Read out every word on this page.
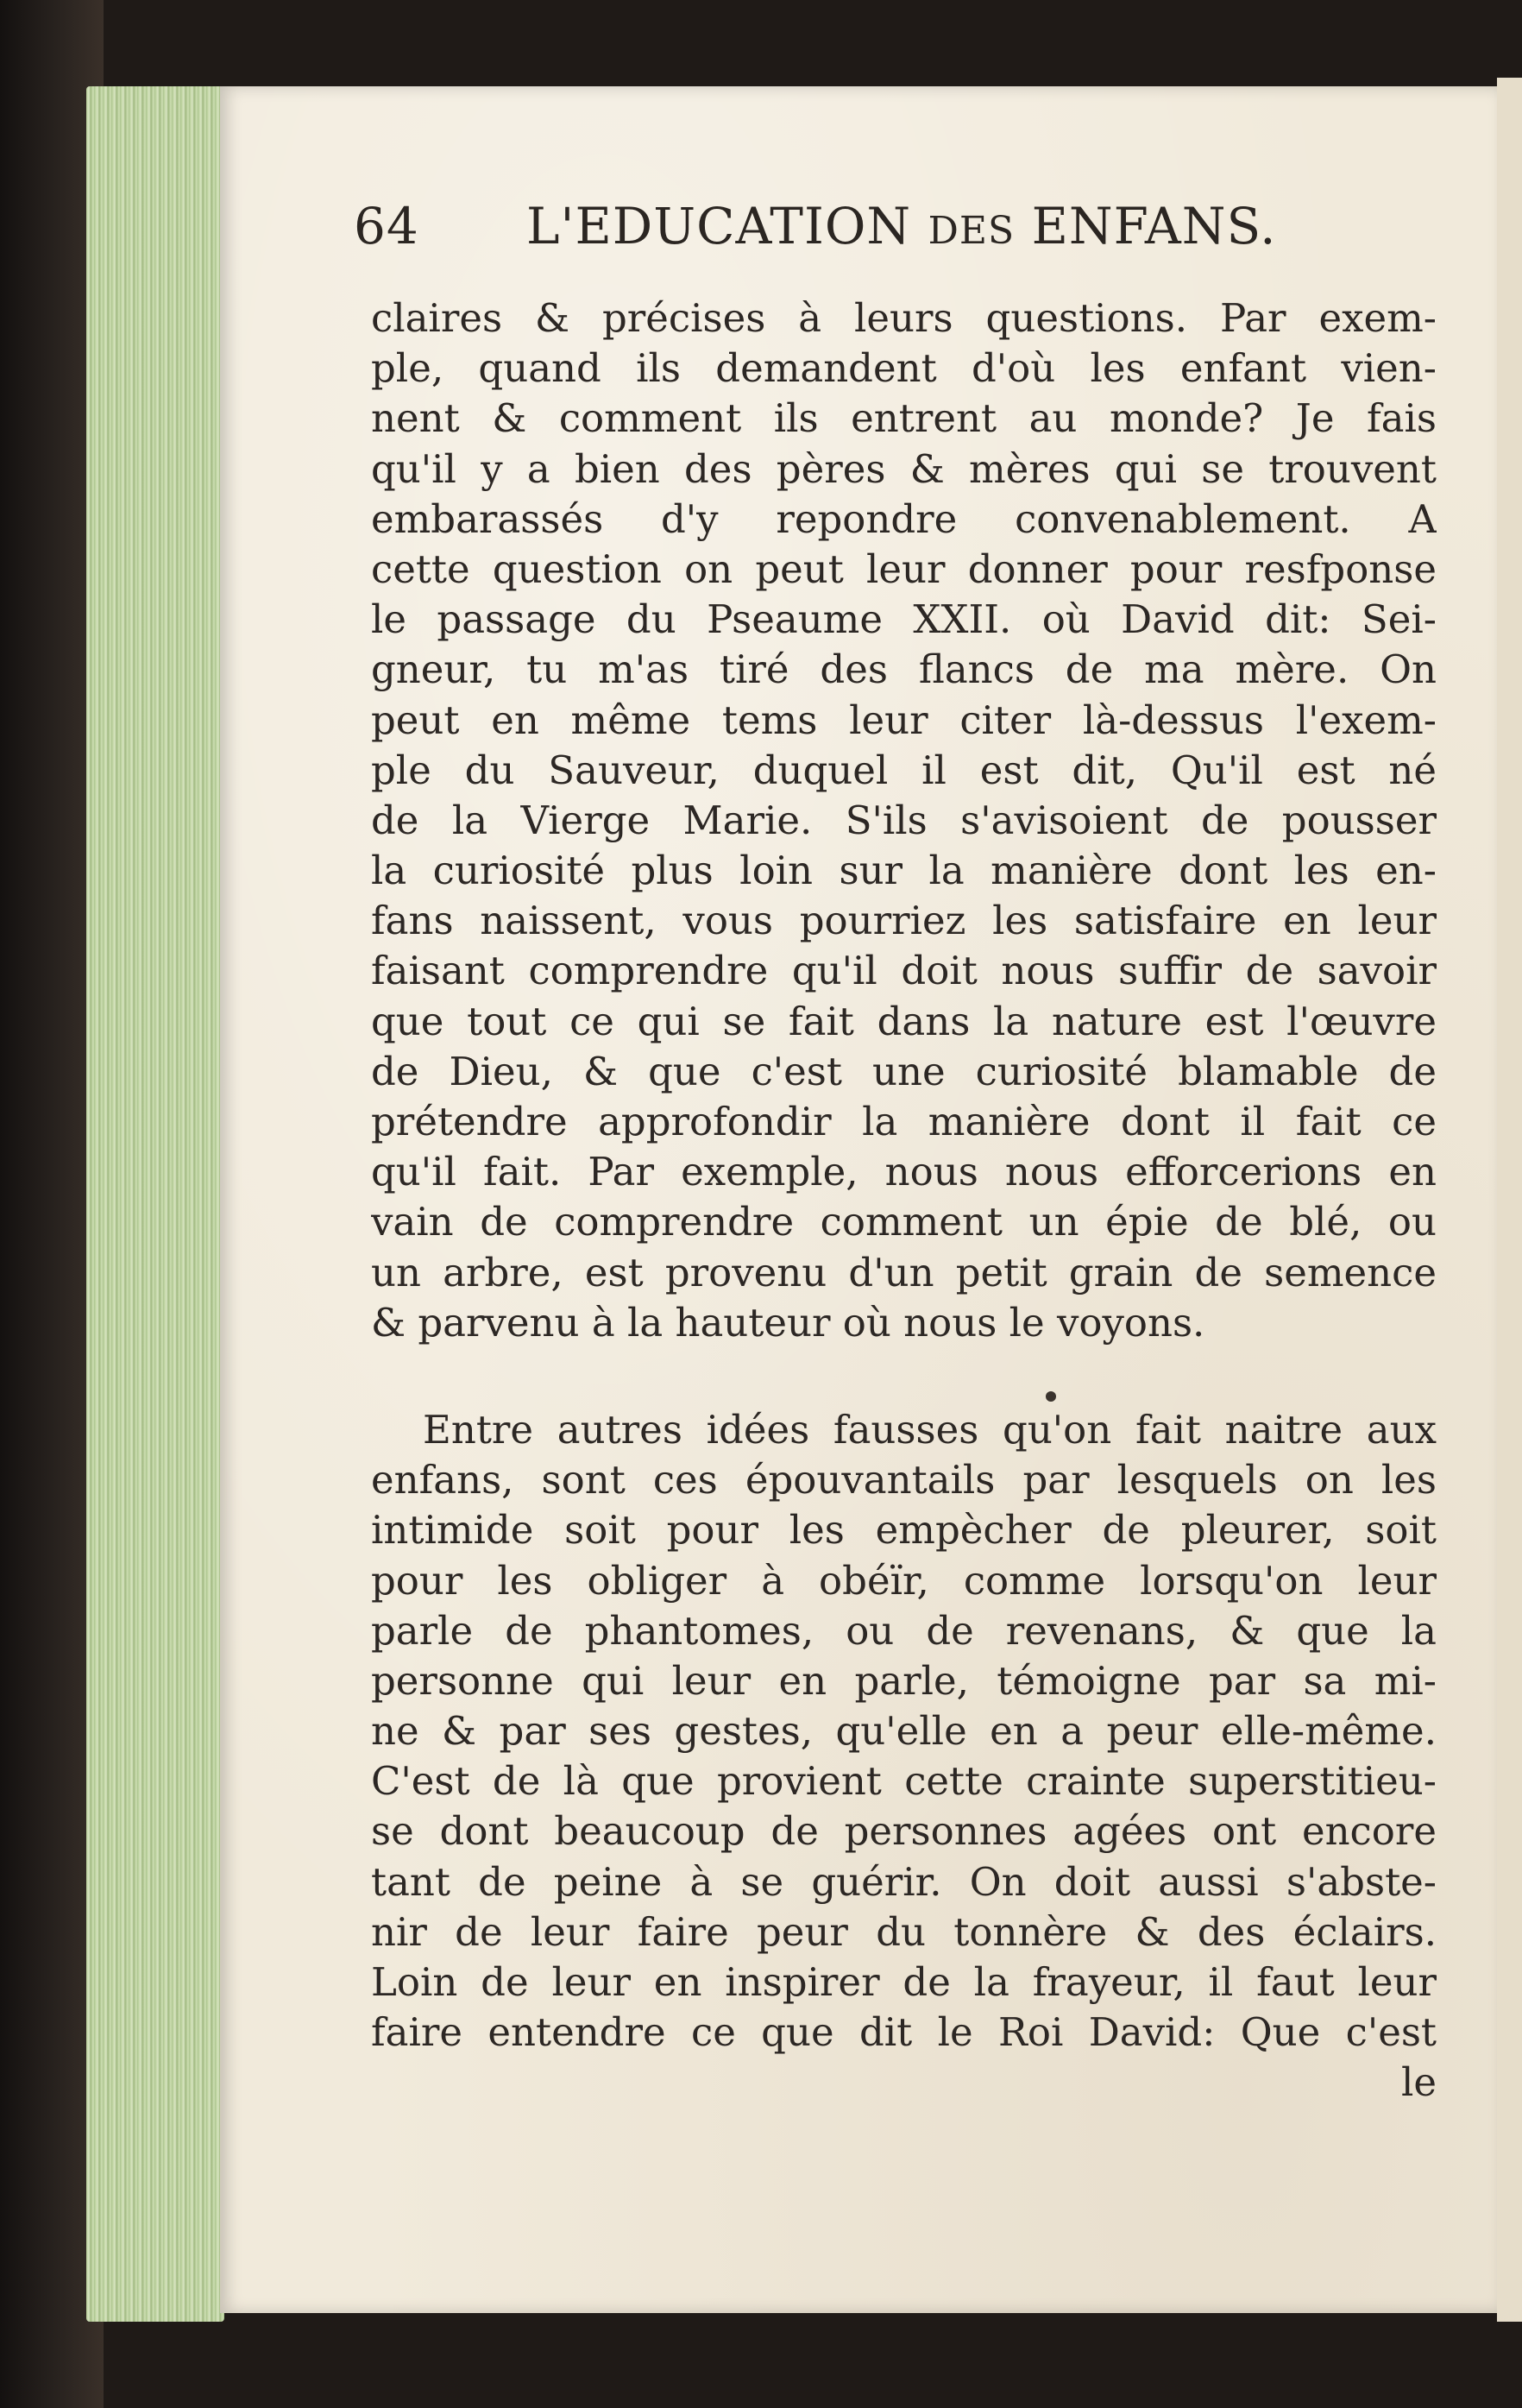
64 L'EDUCATION DES ENFANS.
claires & précises à leurs questions. Par exem-
ple, quand ils demandent d'où les enfant vien-
nent & comment ils entrent au monde? Je fais
qu'il y a bien des pères & mères qui se trouvent
embarassés d'y repondre convenablement. A
cette question on peut leur donner pour resfponse
le passage du Pseaume XXII. où David dit: Sei-
gneur, tu m'as tiré des flancs de ma mère. On
peut en même tems leur citer là-dessus l'exem-
ple du Sauveur, duquel il est dit, Qu'il est né
de la Vierge Marie. S'ils s'avisoient de pousser
la curiosité plus loin sur la manière dont les en-
fans naissent, vous pourriez les satisfaire en leur
faisant comprendre qu'il doit nous suffir de savoir
que tout ce qui se fait dans la nature est l'œuvre
de Dieu, & que c'est une curiosité blamable de
prétendre approfondir la manière dont il fait ce
qu'il fait. Par exemple, nous nous efforcerions en
vain de comprendre comment un épie de blé, ou
un arbre, est provenu d'un petit grain de semence
& parvenu à la hauteur où nous le voyons.
Entre autres idées fausses qu'on fait naitre aux
enfans, sont ces épouvantails par lesquels on les
intimide soit pour les empècher de pleurer, soit
pour les obliger à obéïr, comme lorsqu'on leur
parle de phantomes, ou de revenans, & que la
personne qui leur en parle, témoigne par sa mi-
ne & par ses gestes, qu'elle en a peur elle-même.
C'est de là que provient cette crainte superstitieu-
se dont beaucoup de personnes agées ont encore
tant de peine à se guérir. On doit aussi s'abste-
nir de leur faire peur du tonnère & des éclairs.
Loin de leur en inspirer de la frayeur, il faut leur
faire entendre ce que dit le Roi David: Que c'est
le
